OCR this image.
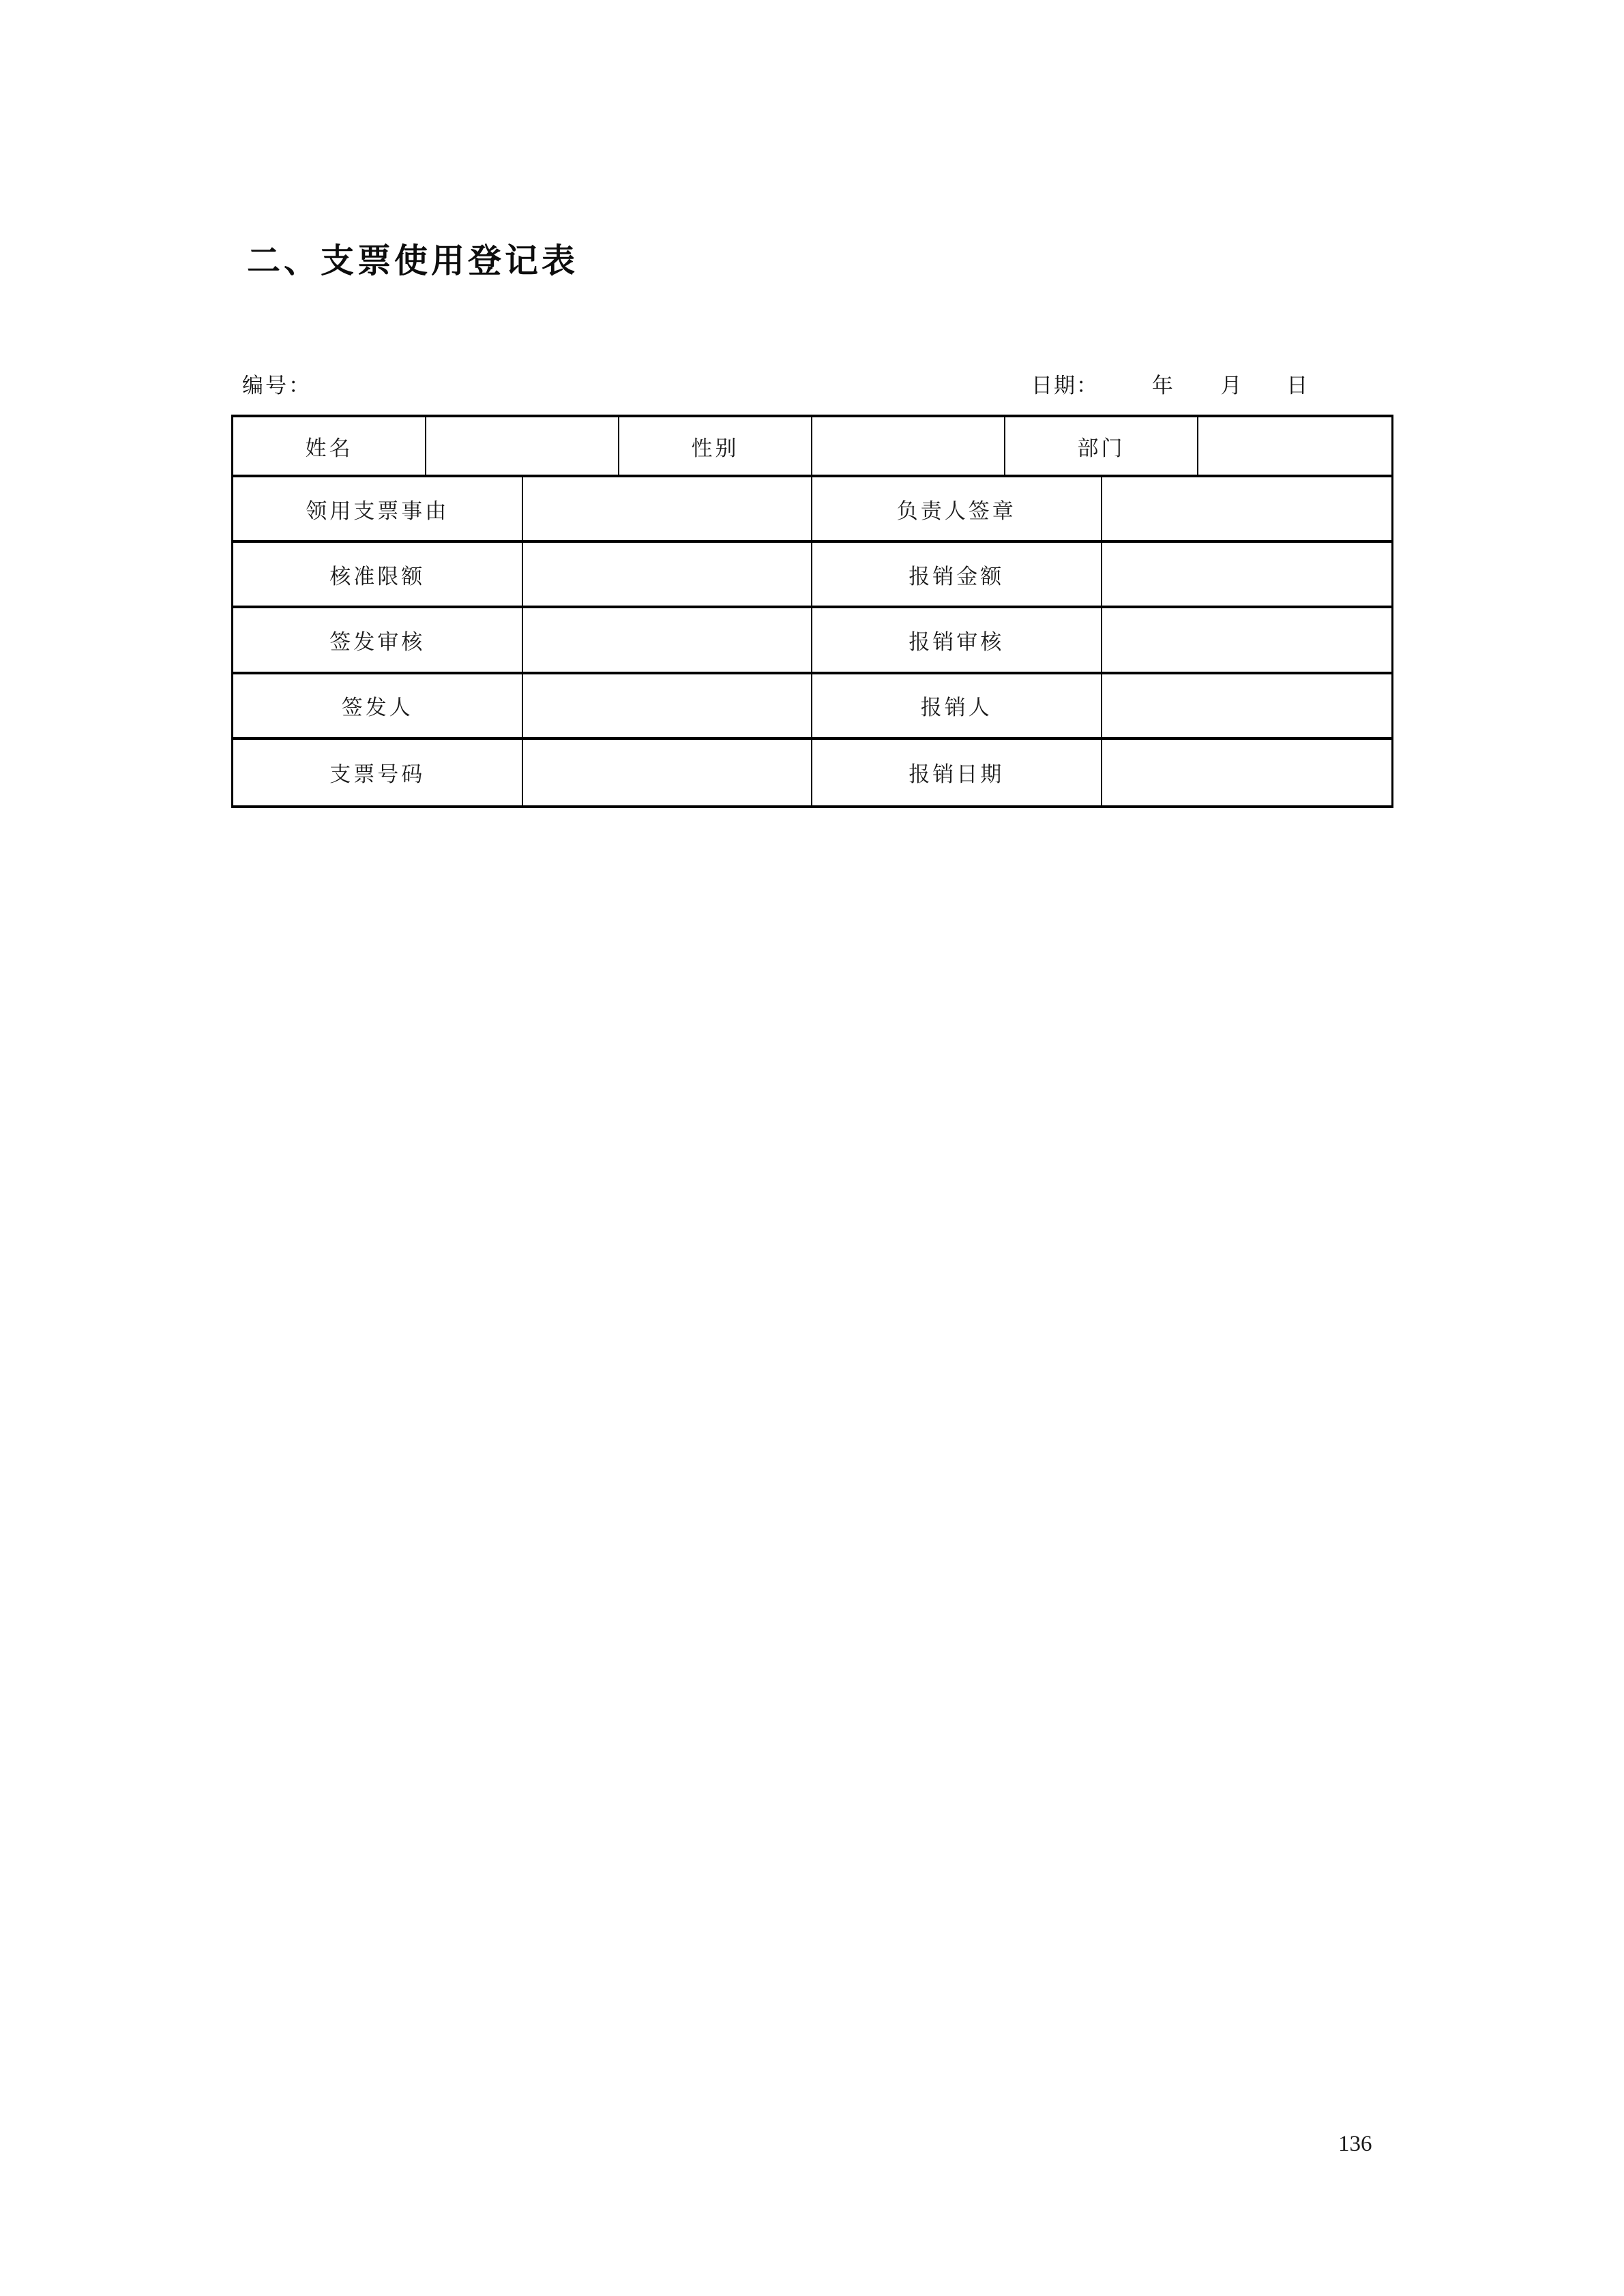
二、支票使用登记表
编号：	日期：	年 月 日
姓名	性别	部门
领用支票事由	负责人签章
核准限额	报销金额
签发审核	报销审核
签发人	报销人
支票号码	报销日期
136
